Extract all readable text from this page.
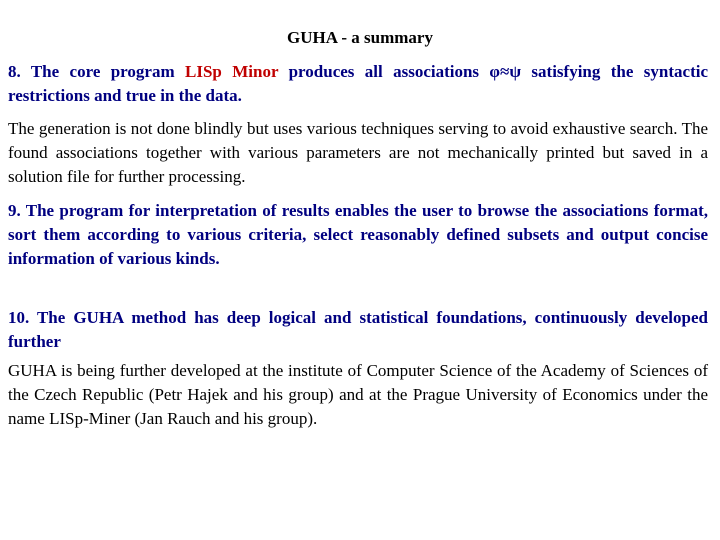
GUHA - a summary

8. The core program LISp Minor produces all associations φ≈ψ satisfying the syntactic restrictions and true in the data.

The generation is not done blindly but uses various techniques serving to avoid exhaustive search. The found associations together with various parameters are not mechanically printed but saved in a solution file for further processing.

9. The program for interpretation of results enables the user to browse the associations format, sort them according to various criteria, select reasonably defined subsets and output concise information of various kinds.

10. The GUHA method has deep logical and statistical foundations, continuously developed further

GUHA is being further developed at the institute of Computer Science of the Academy of Sciences of the Czech Republic (Petr Hajek and his group) and at the Prague University of Economics under the name LISp-Miner (Jan Rauch and his group).
